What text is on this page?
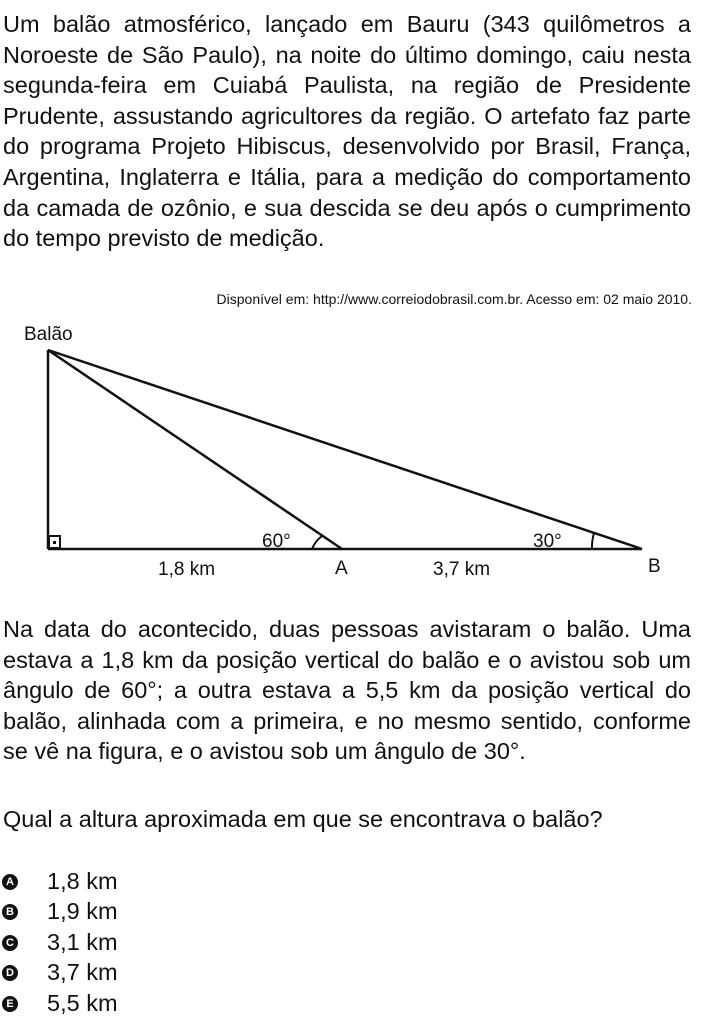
Um balão atmosférico, lançado em Bauru (343 quilômetros a Noroeste de São Paulo), na noite do último domingo, caiu nesta segunda-feira em Cuiabá Paulista, na região de Presidente Prudente, assustando agricultores da região. O artefato faz parte do programa Projeto Hibiscus, desenvolvido por Brasil, França, Argentina, Inglaterra e Itália, para a medição do comportamento da camada de ozônio, e sua descida se deu após o cumprimento do tempo previsto de medição.

Disponível em: http://www.correiodobrasil.com.br. Acesso em: 02 maio 2010.
Balão
60°	30°
1,8 km	A	3,7 km	B

Na data do acontecido, duas pessoas avistaram o balão. Uma estava a 1,8 km da posição vertical do balão e o avistou sob um ângulo de 60°; a outra estava a 5,5 km da posição vertical do balão, alinhada com a primeira, e no mesmo sentido, conforme se vê na figura, e o avistou sob um ângulo de 30°.

Qual a altura aproximada em que se encontrava o balão?

A 1,8 km
B 1,9 km
C 3,1 km
D 3,7 km
E 5,5 km
